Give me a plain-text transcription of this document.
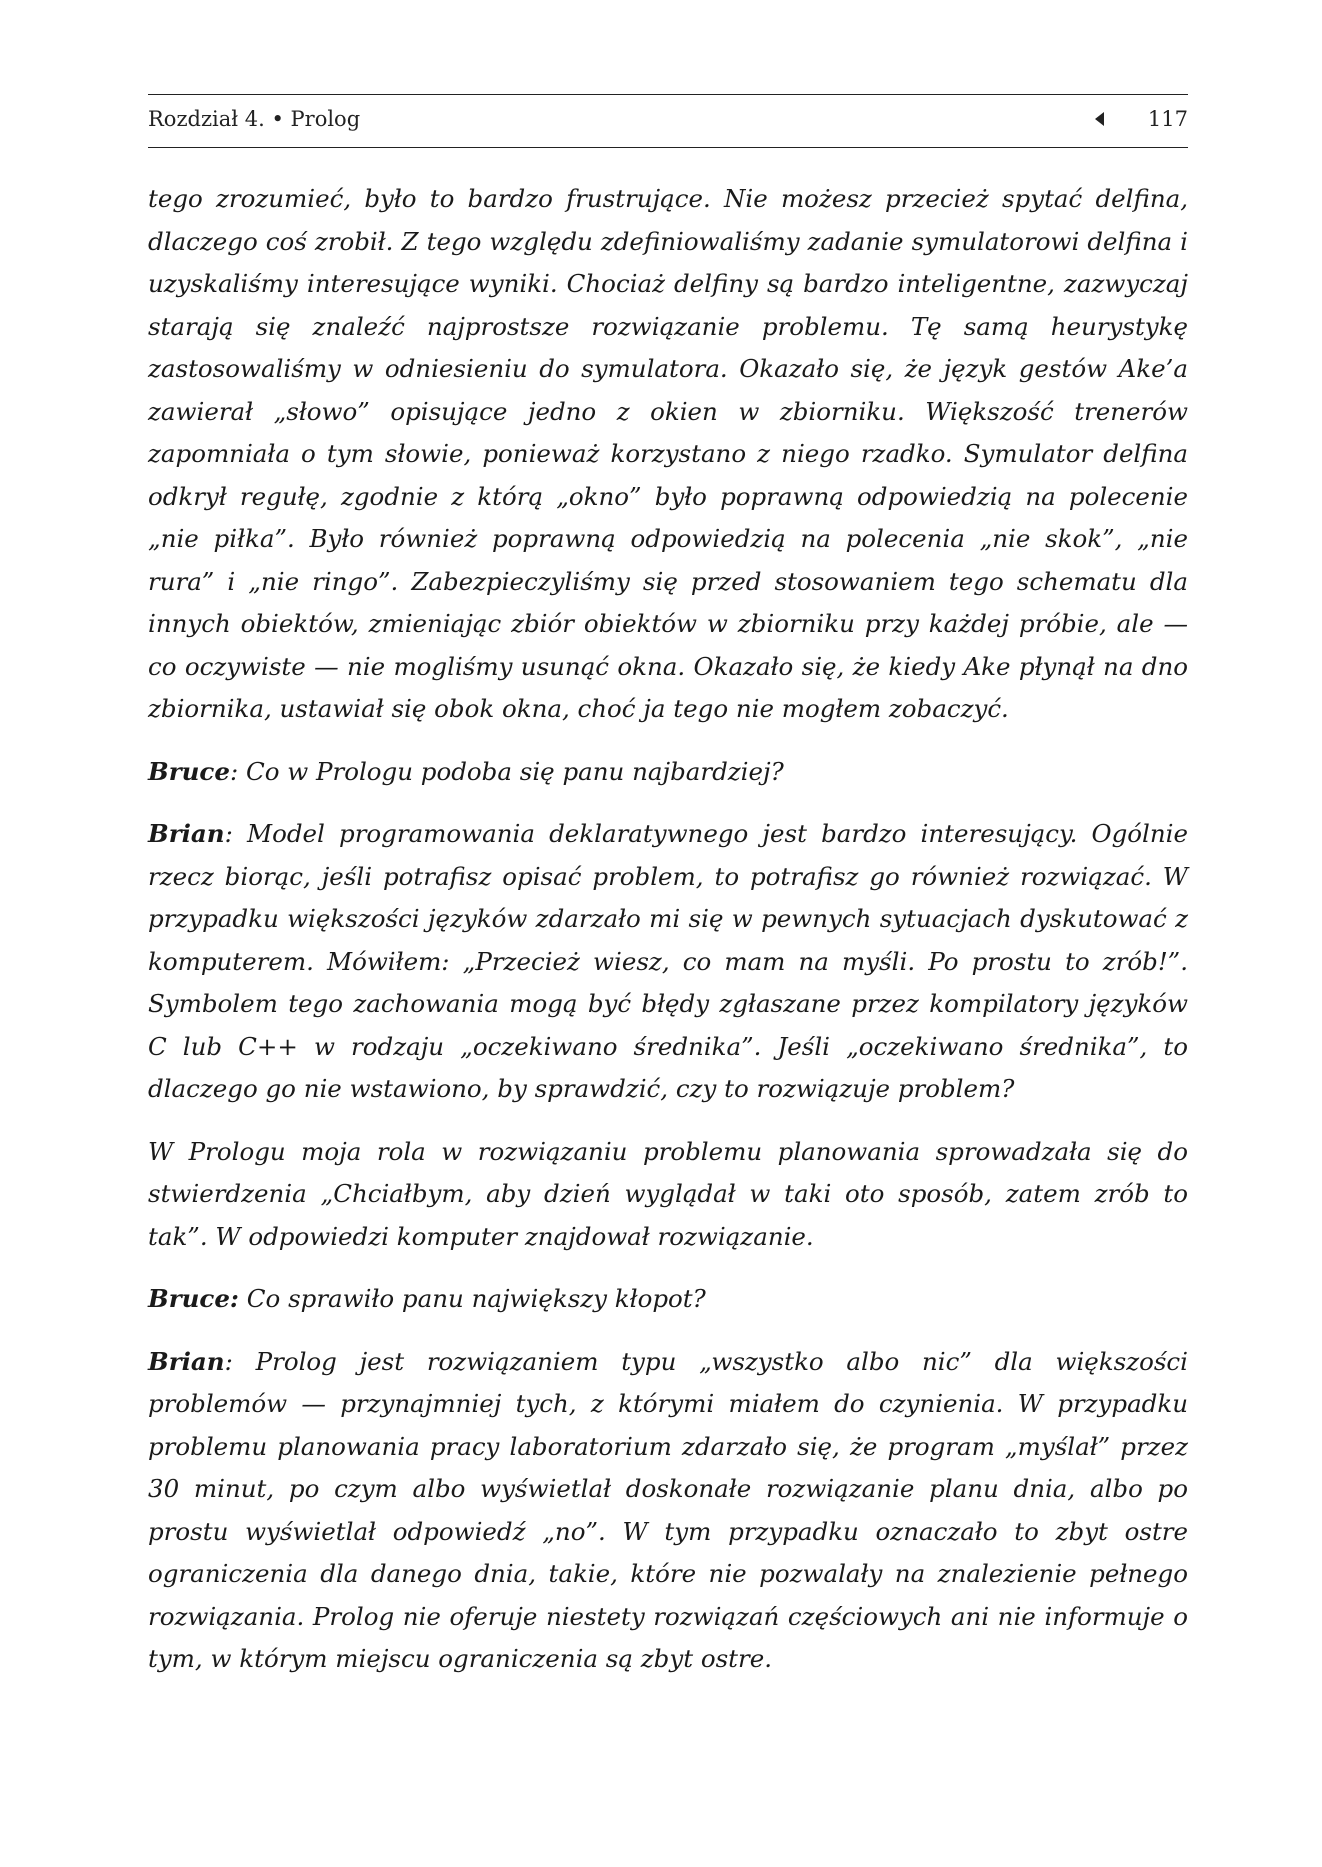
Rozdział 4. • Prolog	117

tego zrozumieć, było to bardzo frustrujące. Nie możesz przecież spytać delfina, dlaczego coś zrobił. Z tego względu zdefiniowaliśmy zadanie symulatorowi delfina i uzyskaliśmy interesujące wyniki. Chociaż delfiny są bardzo inteligentne, zazwyczaj starają się znaleźć najprostsze rozwiązanie problemu. Tę samą heurystykę zastosowaliśmy w odniesieniu do symulatora. Okazało się, że język gestów Ake’a zawierał „słowo” opisujące jedno z okien w zbiorniku. Większość trenerów zapomniała o tym słowie, ponieważ korzystano z niego rzadko. Symulator delfina odkrył regułę, zgodnie z którą „okno” było poprawną odpowiedzią na polecenie „nie piłka”. Było również poprawną odpowiedzią na polecenia „nie skok”, „nie rura” i „nie ringo”. Zabezpieczyliśmy się przed stosowaniem tego schematu dla innych obiektów, zmieniając zbiór obiektów w zbiorniku przy każdej próbie, ale — co oczywiste — nie mogliśmy usunąć okna. Okazało się, że kiedy Ake płynął na dno zbiornika, ustawiał się obok okna, choć ja tego nie mogłem zobaczyć.

Bruce: Co w Prologu podoba się panu najbardziej?

Brian: Model programowania deklaratywnego jest bardzo interesujący. Ogólnie rzecz biorąc, jeśli potrafisz opisać problem, to potrafisz go również rozwiązać. W przypadku większości języków zdarzało mi się w pewnych sytuacjach dyskutować z komputerem. Mówiłem: „Przecież wiesz, co mam na myśli. Po prostu to zrób!”. Symbolem tego zachowania mogą być błędy zgłaszane przez kompilatory języków C lub C++ w rodzaju „oczekiwano średnika”. Jeśli „oczekiwano średnika”, to dlaczego go nie wstawiono, by sprawdzić, czy to rozwiązuje problem?

W Prologu moja rola w rozwiązaniu problemu planowania sprowadzała się do stwierdzenia „Chciałbym, aby dzień wyglądał w taki oto sposób, zatem zrób to tak”. W odpowiedzi komputer znajdował rozwiązanie.

Bruce: Co sprawiło panu największy kłopot?

Brian: Prolog jest rozwiązaniem typu „wszystko albo nic” dla większości problemów — przynajmniej tych, z którymi miałem do czynienia. W przypadku problemu planowania pracy laboratorium zdarzało się, że program „myślał” przez 30 minut, po czym albo wyświetlał doskonałe rozwiązanie planu dnia, albo po prostu wyświetlał odpowiedź „no”. W tym przypadku oznaczało to zbyt ostre ograniczenia dla danego dnia, takie, które nie pozwalały na znalezienie pełnego rozwiązania. Prolog nie oferuje niestety rozwiązań częściowych ani nie informuje o tym, w którym miejscu ograniczenia są zbyt ostre.
